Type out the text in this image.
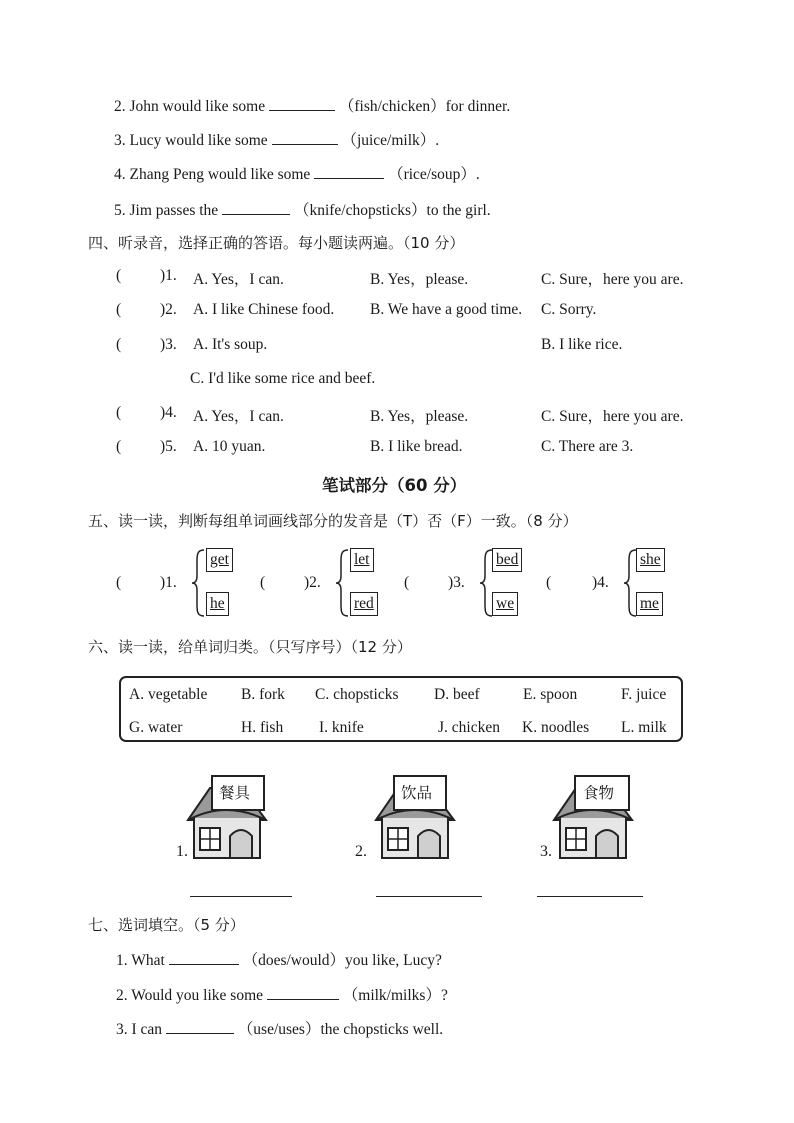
2. John would like some	（fish/chicken）for dinner.
3. Lucy would like some	（juice/milk）.
4. Zhang Peng would like some	（rice/soup）.
5. Jim passes the	（knife/chopsticks）to the girl.
四、听录音，选择正确的答语。每小题读两遍。（10 分）
(	)1. A. Yes，I can.	B. Yes，please.	C. Sure，here you are.
(	)2. A. I like Chinese food. B. We have a good time. C. Sorry.
(	)3. A. It's soup.	B. I like rice.
C. I'd like some rice and beef.
(	)4. A. Yes，I can.	B. Yes，please.	C. Sure，here you are.
(	)5. A. 10 yuan.	B. I like bread.	C. There are 3.
笔试部分（60 分）
五、读一读，判断每组单词画线部分的发音是（T）否（F）一致。（8 分）
(	)1.
get
he
(	)2.
let
red
(	)3.
bed
we
(	)4.
she
me
六、读一读，给单词归类。（只写序号）（12 分）
A. vegetable B. fork C. chopsticks D. beef	E. spoon	F. juice
G. water	H. fish I. knife	J. chicken K. noodles L. milk
1.
餐具
2.
饮品
3.
食物
七、选词填空。（5 分）
1. What	（does/would）you like, Lucy?
2. Would you like some	（milk/milks）?
3. I can	（use/uses）the chopsticks well.
